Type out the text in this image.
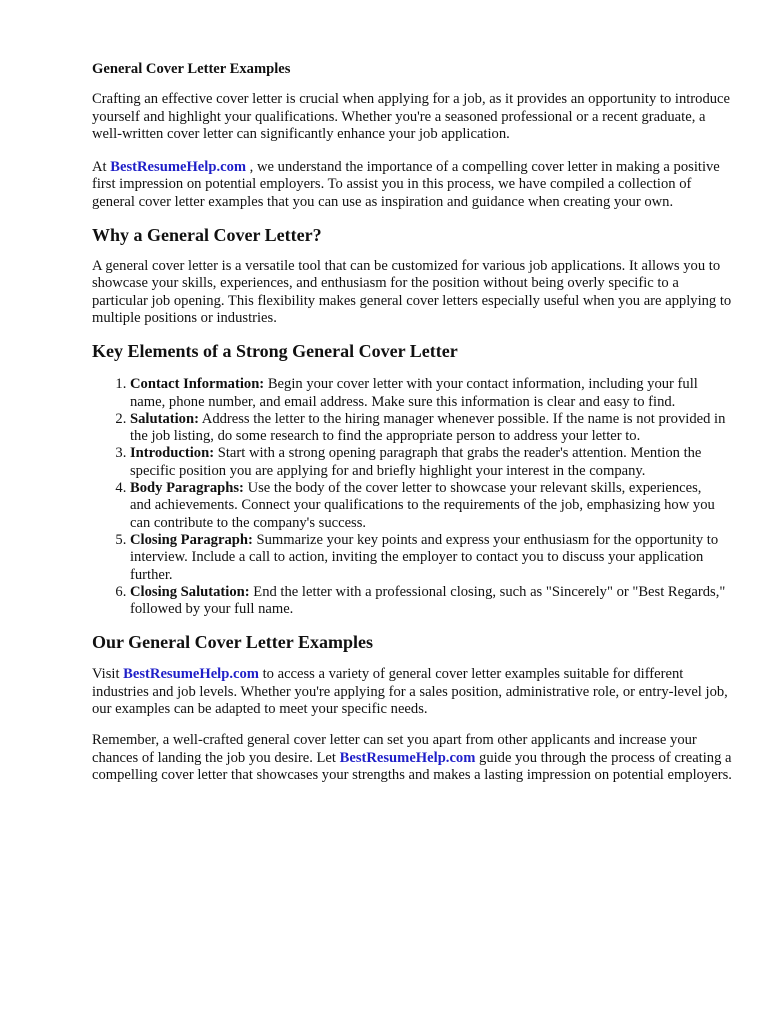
General Cover Letter Examples

Crafting an effective cover letter is crucial when applying for a job, as it provides an opportunity to introduce yourself and highlight your qualifications. Whether you're a seasoned professional or a recent graduate, a well-written cover letter can significantly enhance your job application.

At BestResumeHelp.com , we understand the importance of a compelling cover letter in making a positive first impression on potential employers. To assist you in this process, we have compiled a collection of general cover letter examples that you can use as inspiration and guidance when creating your own.

Why a General Cover Letter?

A general cover letter is a versatile tool that can be customized for various job applications. It allows you to showcase your skills, experiences, and enthusiasm for the position without being overly specific to a particular job opening. This flexibility makes general cover letters especially useful when you are applying to multiple positions or industries.

Key Elements of a Strong General Cover Letter
1. Contact Information: Begin your cover letter with your contact information, including your full name, phone number, and email address. Make sure this information is clear and easy to find.
2. Salutation: Address the letter to the hiring manager whenever possible. If the name is not provided in the job listing, do some research to find the appropriate person to address your letter to.
3. Introduction: Start with a strong opening paragraph that grabs the reader's attention. Mention the specific position you are applying for and briefly highlight your interest in the company.
4. Body Paragraphs: Use the body of the cover letter to showcase your relevant skills, experiences, and achievements. Connect your qualifications to the requirements of the job, emphasizing how you can contribute to the company's success.
5. Closing Paragraph: Summarize your key points and express your enthusiasm for the opportunity to interview. Include a call to action, inviting the employer to contact you to discuss your application further.
6. Closing Salutation: End the letter with a professional closing, such as "Sincerely" or "Best Regards," followed by your full name.
Our General Cover Letter Examples

Visit BestResumeHelp.com to access a variety of general cover letter examples suitable for different industries and job levels. Whether you're applying for a sales position, administrative role, or entry-level job, our examples can be adapted to meet your specific needs.

Remember, a well-crafted general cover letter can set you apart from other applicants and increase your chances of landing the job you desire. Let BestResumeHelp.com guide you through the process of creating a compelling cover letter that showcases your strengths and makes a lasting impression on potential employers.
